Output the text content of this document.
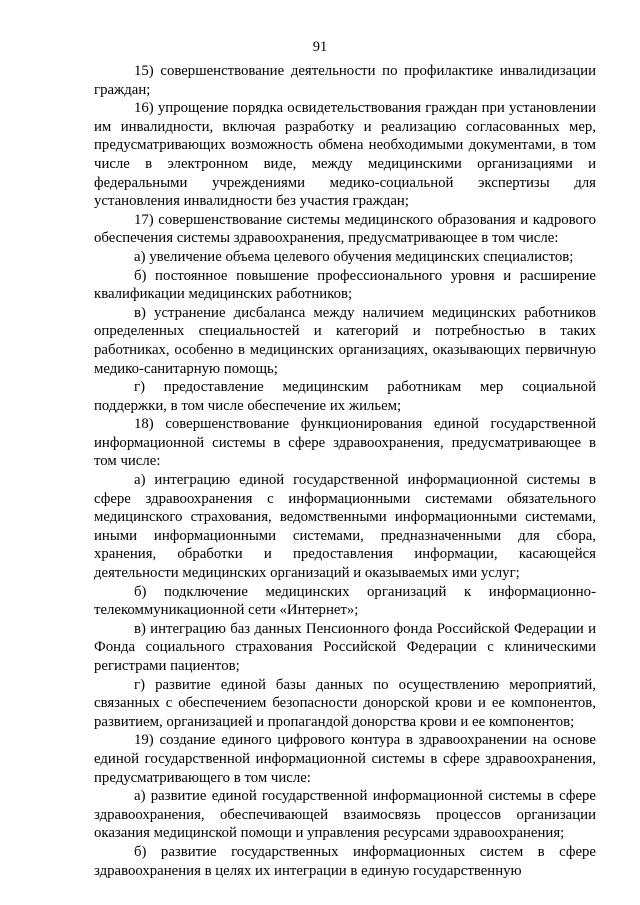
91

15) совершенствование деятельности по профилактике инвалидизации граждан;

16) упрощение порядка освидетельствования граждан при установлении им инвалидности, включая разработку и реализацию согласованных мер, предусматривающих возможность обмена необходимыми документами, в том числе в электронном виде, между медицинскими организациями и федеральными учреждениями медико-социальной экспертизы для установления инвалидности без участия граждан;

17) совершенствование системы медицинского образования и кадрового обеспечения системы здравоохранения, предусматривающее в том числе:

а) увеличение объема целевого обучения медицинских специалистов;

б) постоянное повышение профессионального уровня и расширение квалификации медицинских работников;

в) устранение дисбаланса между наличием медицинских работников определенных специальностей и категорий и потребностью в таких работниках, особенно в медицинских организациях, оказывающих первичную медико-санитарную помощь;

г) предоставление медицинским работникам мер социальной поддержки, в том числе обеспечение их жильем;

18) совершенствование функционирования единой государственной информационной системы в сфере здравоохранения, предусматривающее в том числе:

а) интеграцию единой государственной информационной системы в сфере здравоохранения с информационными системами обязательного медицинского страхования, ведомственными информационными системами, иными информационными системами, предназначенными для сбора, хранения, обработки и предоставления информации, касающейся деятельности медицинских организаций и оказываемых ими услуг;

б) подключение медицинских организаций к информационно-телекоммуникационной сети «Интернет»;

в) интеграцию баз данных Пенсионного фонда Российской Федерации и Фонда социального страхования Российской Федерации с клиническими регистрами пациентов;

г) развитие единой базы данных по осуществлению мероприятий, связанных с обеспечением безопасности донорской крови и ее компонентов, развитием, организацией и пропагандой донорства крови и ее компонентов;

19) создание единого цифрового контура в здравоохранении на основе единой государственной информационной системы в сфере здравоохранения, предусматривающего в том числе:

а) развитие единой государственной информационной системы в сфере здравоохранения, обеспечивающей взаимосвязь процессов организации оказания медицинской помощи и управления ресурсами здравоохранения;

б) развитие государственных информационных систем в сфере здравоохранения в целях их интеграции в единую государственную
